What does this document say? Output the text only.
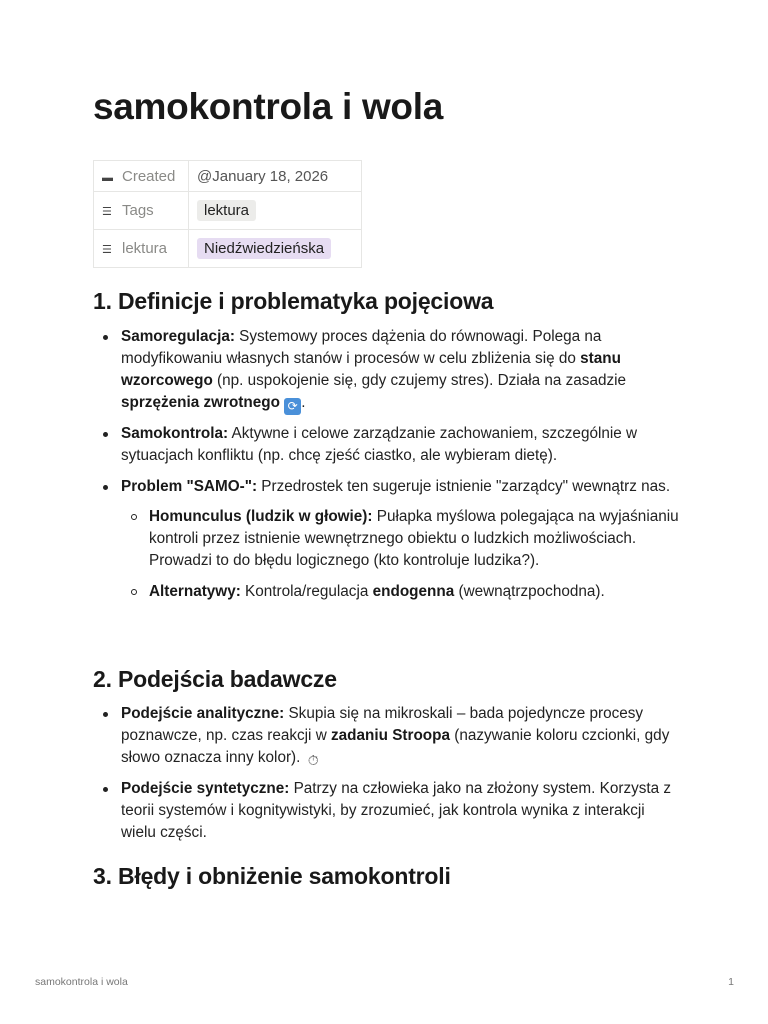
samokontrola i wola
▬ Created	@January 18, 2026
☰ Tags	lektura
☰ lektura	Niedźwiedzieńska
1. Definicje i problematyka pojęciowa
Samoregulacja: Systemowy proces dążenia do równowagi. Polega na modyfikowaniu własnych stanów i procesów w celu zbliżenia się do stanu wzorcowego (np. uspokojenie się, gdy czujemy stres). Działa na zasadzie sprzężenia zwrotnego ⟳ .
Samokontrola: Aktywne i celowe zarządzanie zachowaniem, szczególnie w sytuacjach konfliktu (np. chcę zjeść ciastko, ale wybieram dietę).
Problem "SAMO-": Przedrostek ten sugeruje istnienie "zarządcy" wewnątrz nas.
Homunculus (ludzik w głowie): Pułapka myślowa polegająca na wyjaśnianiu kontroli przez istnienie wewnętrznego obiektu o ludzkich możliwościach. Prowadzi to do błędu logicznego (kto kontroluje ludzika?).
Alternatywy: Kontrola/regulacja endogenna (wewnątrzpochodna).
2. Podejścia badawcze
Podejście analityczne: Skupia się na mikroskali – bada pojedyncze procesy poznawcze, np. czas reakcji w zadaniu Stroopa (nazywanie koloru czcionki, gdy słowo oznacza inny kolor). ⏱
Podejście syntetyczne: Patrzy na człowieka jako na złożony system. Korzysta z teorii systemów i kognitywistyki, by zrozumieć, jak kontrola wynika z interakcji wielu części.
3. Błędy i obniżenie samokontroli
samokontrola i wola	1
